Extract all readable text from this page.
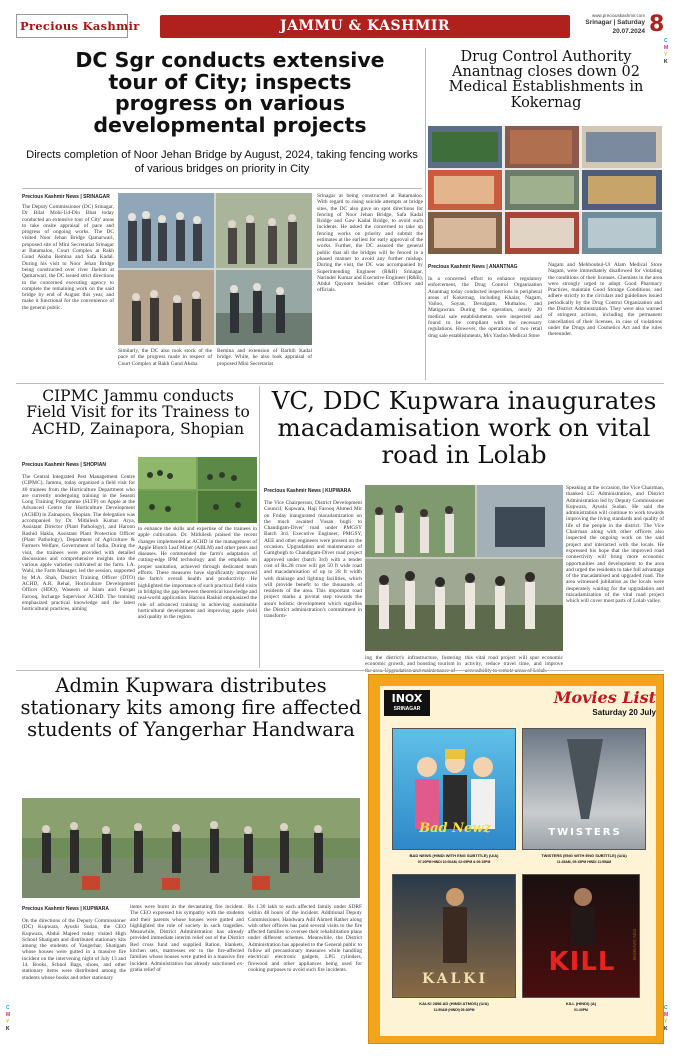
Precious Kashmir	JAMMU & KASHMIR
www.preciouskashmir.com
Srinagar | Saturday
20.07.2024 8
C
M
Y
K
C
M
Y
K
C
M
Y
K
DC Sgr conducts extensive tour of City; inspects progress on various developmental projects
Directs completion of Noor Jehan Bridge by August, 2024, taking fencing works of various bridges on priority in City
Precious Kashmir News | SRINAGAR
The Deputy Commissioner (DC) Srinagar, Dr Bilal Mohi-Ud-Din Bhat today conducted an extensive tour of City' areas to take onsite appraisal of pace and progress of ongoing works. The DC visited Noor Jehan Bridge Qamarwari, proposed site of Mini Secretariat Srinagar at Batamaloo, Court Complex at Rakh Gund Aksha Bemina and Safa Kadal. During his visit to Noor Jehan Bridge being constructed over river Jhelum at Qamarwari, the DC issued strict directions to the concerned executing agency to complete the remaining work on the said bridge by end of August this year, and make it functional for the convenience of the general public.
Similarly, the DC also took stock of the pace of the progress made in respect of Court Complex at Rakh Gund Aksha
Bemina and extension of Barbih Kadal bridge. While, he also took appraisal of proposed Mini Secretariat
Srinagar at being constructed at Batamaloo. With regard to rising suicide attempts at bridge sites, the DC also gave on spot directions for fencing of Noor Jehan Bridge, Safa Kadal Bridge and Gaw Kadal Bridge, to avoid such incidents. He asked the concerned to take up fencing works on priority and submit the estimates at the earliest for early approval of the works. Further, the DC assured the general public that all the bridges will be fenced in a phased manner to avoid any further mishap. During the visit, the DC was accompanied by Superintending Engineer (R&B) Srinagar, Narinder Kumar and Executive Engineer (R&B), Abdul Qayoom besides other Officers and officials.
Drug Control Authority Anantnag closes down 02 Medical Establishments in Kokernag
Precious Kashmir News | ANANTNAG
In a concerted effort to enhance regulatory enforcement, the Drug Control Organization Anantnag today conducted inspections in peripheral areas of Kokernag, including Khalar, Nagam, Vailoo, Soyan, Devalgam, Muthaloo, and Matigawran. During the operation, nearly 20 medical sale establishments were inspected and found to be compliant with the necessary regulations. However, the operations of two retail drug sale establishments, M/s Yasfoo Medical Store
Nagam and Mehboobul-Ul Alam Medical Store Nagam, were immediately disallowed for violating the conditions of their licenses. Chemists in the area were strongly urged to adopt Good Pharmacy Practices, maintain Good Storage Conditions, and adhere strictly to the circulars and guidelines issued periodically by the Drug Control Organization and the District Administration. They were also warned of stringent actions, including the permanent cancellation of their licenses, in case of violations under the Drugs and Cosmetics Act and the rules thereunder.
CIPMC Jammu conducts Field Visit for its Trainess to ACHD, Zainapora, Shopian
Precious Kashmir News | SHOPIAN
The Central Integrated Pest Management Centre (CIPMC), Jammu, today organized a field visit for 40 trainees from the Horticulture Department who are currently undergoing training in the Season Long Training Programme (SLTP) on Apple at the Advanced Centre for Horticulture Development (ACHD) in Zainapora, Shopian. The delegation was accompanied by Dr. Mithilesh Kumar Arya, Assistant Director (Plant Pathology), and Haroon Rashid Hakla, Assistant Plant Protection Officer (Plant Pathology), Department of Agriculture & Farmers Welfare, Government of India. During the visit, the trainees were provided with detailed discussions and comprehensive insights into the various apple varieties cultivated at the farm. I.A. Wahi, the Farm Manager, led the session, supported by M.A. Shah, District Training Officer (DTO) ACHD, A.R. Rehal, Horticulture Development Officer (HDO), Waseem ul Islam and Furqan Farooq, Incharge Supervisor ACHD. The training emphasized practical knowledge and the latest horticultural practices, aiming
to enhance the skills and expertise of the trainees in apple cultivation. Dr. Mithilesh praised the recent changes implemented at ACHD in the management of Apple Blotch Leaf Miner (ABLM) and other pests and diseases. He commended the farm's adaptation of cutting-edge IPM technology and the emphasis on proper sanitation, achieved through dedicated team efforts. These measures have significantly improved the farm's overall health and productivity. He highlighted the importance of such practical field visits in bridging the gap between theoretical knowledge and real-world application. Haroon Rashid emphasized the role of advanced training in achieving sustainable horticultural development and improving apple yield and quality in the region.
VC, DDC Kupwara inaugurates macadamisation work on vital road in Lolab
Precious Kashmir News | KUPWARA
The Vice Chairperson, District Development Council, Kupwara, Haji Farooq Ahmed Mir on Friday inaugurated macadamization on the much awaited Vusan bugh to Chandigam-Diver' road under PMGSY Batch 3rd. Executive Engineer, PMGSY, AEE and other engineers were present on the occasion. Upgradation and maintenance of Gamgbugh to Chandigam-Diver road project approved under (batch 3rd) with a tender cost of Rs.28 crore will get 50 ft wide road and macadamisation of up to 28 ft width with drainage and lighting facilities, which will provide benefit to the thousands of residents of the area. This important road project marks a pivotal step towards the area's holistic development which signifies the District administration's commitment in transform-
ing the district's infrastructure, fostering economic growth, and boosting tourism in
this vital road project will spur economic activity, reduce travel time, and improve
Speaking at the occasion, the Vice Chairman, thanked LG Administration, and District Administration led by Deputy Commissioner Kupwara, Ayushi Sudan. He said the administration will continue to work towards improving the living standards and quality of life of the people in the district. The Vice Chairman along with other officers also inspected the ongoing work on the said project and interacted with the locals. He expressed his hope that the improved road connectivity will bring more economic opportunities and development to the area and urged the residents to take full advantage of the macadamised and upgraded road. The area witnessed jubilation as the locals were desperately waiting for the upgradation and macadamization of the vital road project which will cover most parts of Lolab valley.
Admin Kupwara distributes stationary kits among fire affected students of Yangerhar Handwara
Precious Kashmir News | KUPWARA
On the directions of the Deputy Commissioner (DC) Kupwara, Ayushi Sudan, the CEO Kupwara, Abdul Majeed today visited High School Shatigam and distributed stationary kits among the students of Yangerhar, Shatigam whose houses were gutted in a massive fire incident on the intervening night of July 13 and 14. Books, School Bags, shoes, and other stationary items were distributed among the students whose books and other stationary
items were burnt in the devastating fire incident. The CEO expressed his sympathy with the students and their parents whose houses were gutted and highlighted the role of society in such tragedies. Meanwhile, District Administration has already provided immediate interim relief out of the District Red cross fund and supplied Ration, blankets, kitchen sets, mattresses etc to the fire-affected families whose houses were gutted in a massive fire incident. Administration has already sanctioned ex-gratia relief of
Rs 1.30 lakh to each affected family under SDRF within 48 hours of the incident. Additional Deputy Commissioner, Handwara Adil Ahmed Rather along with other officers has paid several visits to the fire affected families to oversee their rehabilitation plans under different schemes. Meanwhile, the District Administration has appealed to the General public to follow all precautionary measures while handling electrical/ electronic gadgets, LPG cylinders, firewood and other appliances being used for cooking purposes to avoid such fire incidents.
INOX
SRINAGAR
Movies List
Saturday 20 July
Bad Newz
BAD NEWS (HINDI WITH ENG SUBTITLE) (U/A)
07:20PM HINDI 10:00AM, 02:05PM & 09:15PM
TWISTERS
TWISTERS (ENG WITH ENG SUBTITLE) (U/A)
11:45AM, 05:15PM HINDI 11:55AM
KALKI
KALKI 2898 AD (HINDI ATMOS) (U/A)
11:50AM (HINDI) 05:30PM
KILL
KILL (HINDI) (A)
01:30PM
BIGRAVO ADS
